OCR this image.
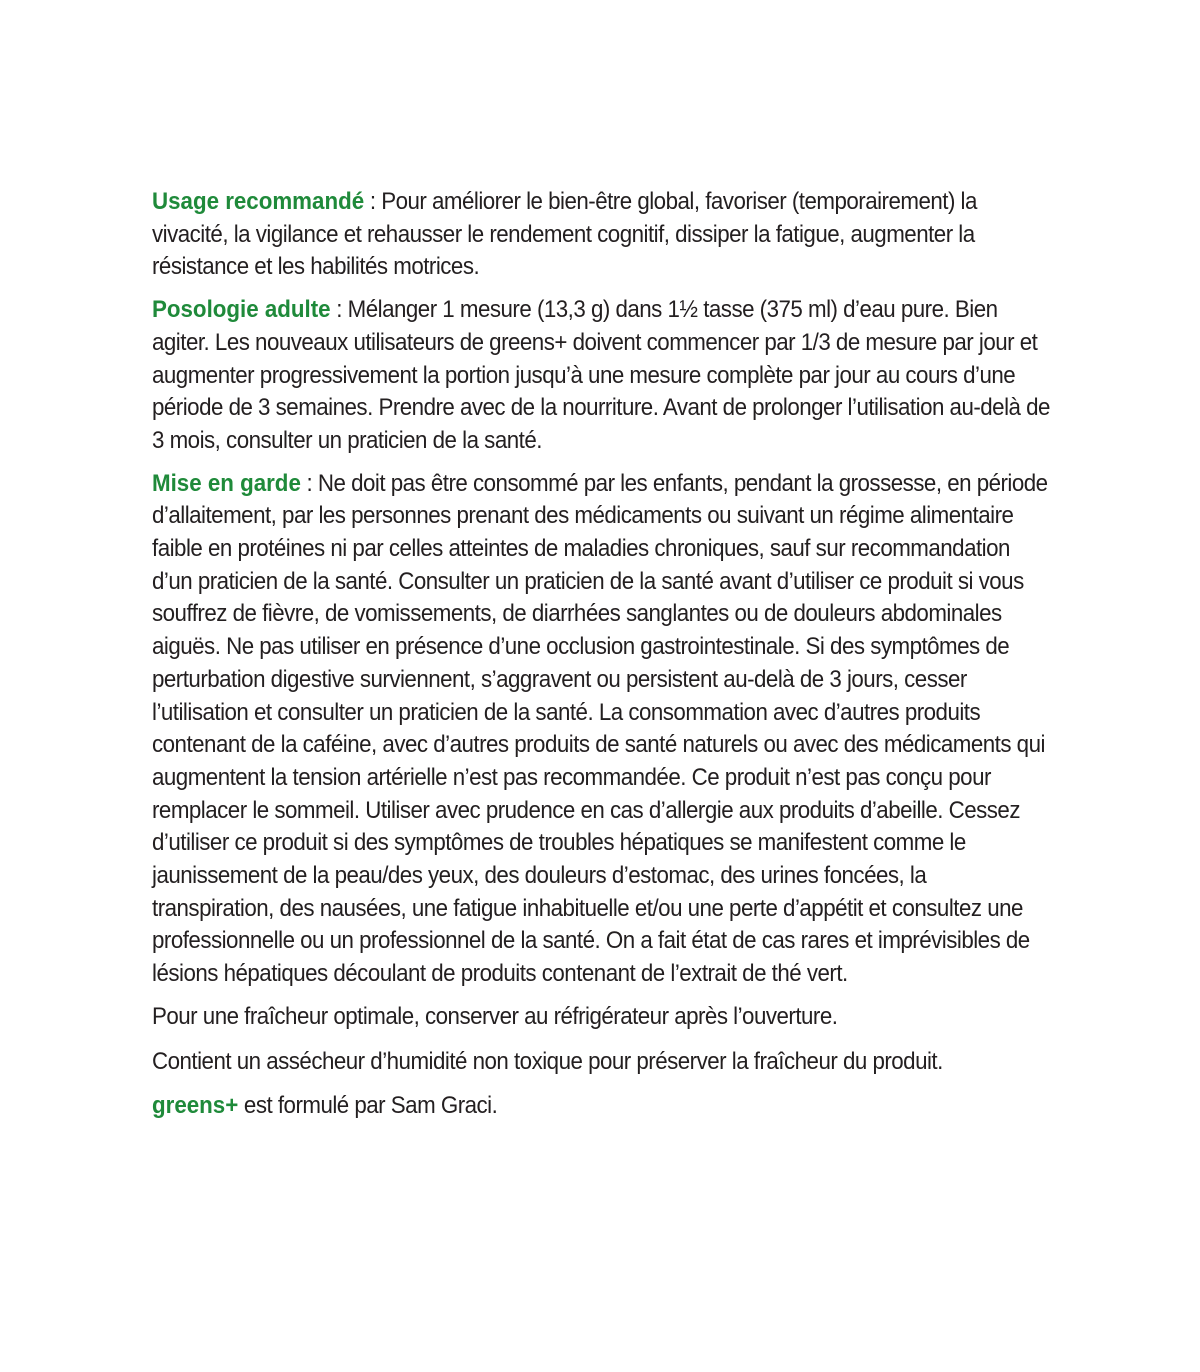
Usage recommandé : Pour améliorer le bien-être global, favoriser (temporairement) la vivacité, la vigilance et rehausser le rendement cognitif, dissiper la fatigue, augmenter la résistance et les habilités motrices.

Posologie adulte : Mélanger 1 mesure (13,3 g) dans 1½ tasse (375 ml) d’eau pure. Bien agiter. Les nouveaux utilisateurs de greens+ doivent commencer par 1/3 de mesure par jour et augmenter progressivement la portion jusqu’à une mesure complète par jour au cours d’une période de 3 semaines. Prendre avec de la nourriture. Avant de prolonger l’utilisation au-delà de 3 mois, consulter un praticien de la santé.

Mise en garde : Ne doit pas être consommé par les enfants, pendant la grossesse, en période d’allaitement, par les personnes prenant des médicaments ou suivant un régime alimentaire faible en protéines ni par celles atteintes de maladies chroniques, sauf sur recommandation d’un praticien de la santé. Consulter un praticien de la santé avant d’utiliser ce produit si vous souffrez de fièvre, de vomissements, de diarrhées sanglantes ou de douleurs abdominales aiguës. Ne pas utiliser en présence d’une occlusion gastrointestinale. Si des symptômes de perturbation digestive surviennent, s’aggravent ou persistent au-delà de 3 jours, cesser l’utilisation et consulter un praticien de la santé. La consommation avec d’autres produits contenant de la caféine, avec d’autres produits de santé naturels ou avec des médicaments qui augmentent la tension artérielle n’est pas recommandée. Ce produit n’est pas conçu pour remplacer le sommeil. Utiliser avec prudence en cas d’allergie aux produits d’abeille. Cessez d’utiliser ce produit si des symptômes de troubles hépatiques se manifestent comme le jaunissement de la peau/des yeux, des douleurs d’estomac, des urines foncées, la transpiration, des nausées, une fatigue inhabituelle et/ou une perte d’appétit et consultez une professionnelle ou un professionnel de la santé. On a fait état de cas rares et imprévisibles de lésions hépatiques découlant de produits contenant de l’extrait de thé vert.

Pour une fraîcheur optimale, conserver au réfrigérateur après l’ouverture.

Contient un assécheur d’humidité non toxique pour préserver la fraîcheur du produit.

greens+ est formulé par Sam Graci.
